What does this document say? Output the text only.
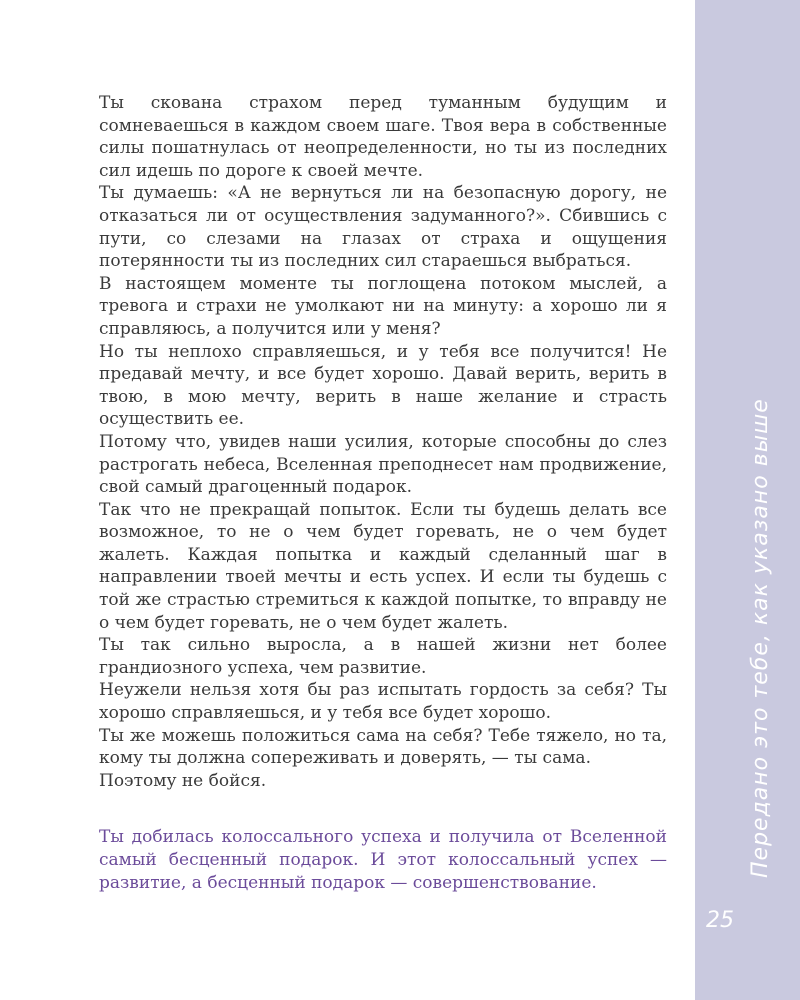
Ты скована страхом перед туманным будущим и сомневаешься в каждом своем шаге. Твоя вера в собственные силы пошатнулась от неопределенности, но ты из последних сил идешь по дороге к своей мечте.

Ты думаешь: «А не вернуться ли на безопасную дорогу, не отказаться ли от осуществления задуманного?». Сбившись с пути, со слезами на глазах от страха и ощущения потерянности ты из последних сил стараешься выбраться.

В настоящем моменте ты поглощена потоком мыслей, а тревога и страхи не умолкают ни на минуту: а хорошо ли я справляюсь, а получится или у меня?

Но ты неплохо справляешься, и у тебя все получится! Не предавай мечту, и все будет хорошо. Давай верить, верить в твою, в мою мечту, верить в наше желание и страсть осуществить ее.

Потому что, увидев наши усилия, которые способны до слез растрогать небеса, Вселенная преподнесет нам продвижение, свой самый драгоценный подарок.

Так что не прекращай попыток. Если ты будешь делать все возможное, то не о чем будет горевать, не о чем будет жалеть. Каждая попытка и каждый сделанный шаг в направлении твоей мечты и есть успех. И если ты будешь с той же страстью стремиться к каждой попытке, то вправду не о чем будет горевать, не о чем будет жалеть.

Ты так сильно выросла, а в нашей жизни нет более грандиозного успеха, чем развитие.

Неужели нельзя хотя бы раз испытать гордость за себя? Ты хорошо справляешься, и у тебя все будет хорошо.

Ты же можешь положиться сама на себя? Тебе тяжело, но та, кому ты должна сопереживать и доверять, — ты сама.

Поэтому не бойся.

Ты добилась колоссального успеха и получила от Вселенной самый бесценный подарок. И этот колоссальный успех — развитие, а бесценный подарок — совершенствование.

Передано это тебе, как указано выше
25
